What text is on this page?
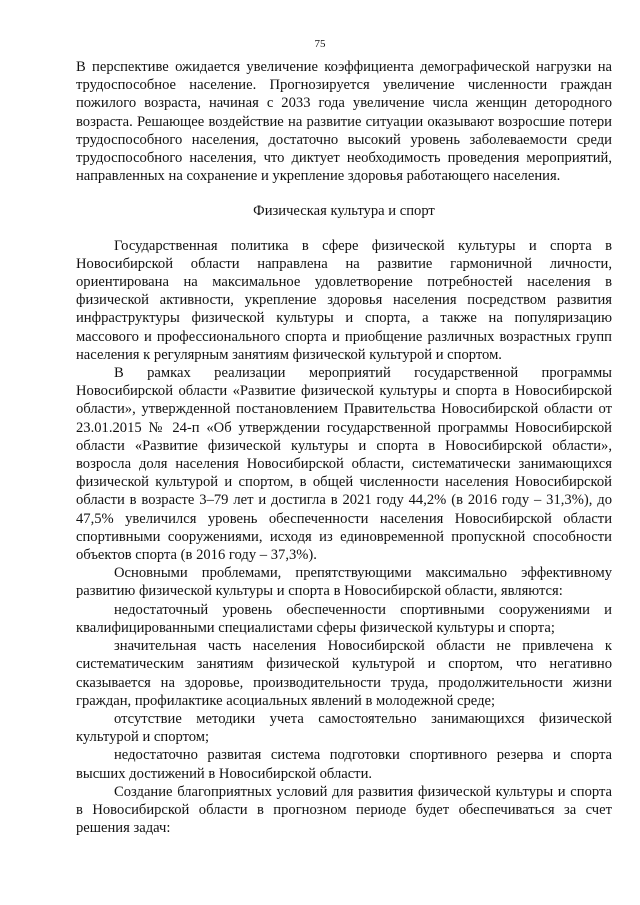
75

В перспективе ожидается увеличение коэффициента демографической нагрузки на трудоспособное население. Прогнозируется увеличение численности граждан пожилого возраста, начиная с 2033 года увеличение числа женщин детородного возраста. Решающее воздействие на развитие ситуации оказывают возросшие потери трудоспособного населения, достаточно высокий уровень заболеваемости среди трудоспособного населения, что диктует необходимость проведения мероприятий, направленных на сохранение и укрепление здоровья работающего населения.

Физическая культура и спорт

Государственная политика в сфере физической культуры и спорта в Новосибирской области направлена на развитие гармоничной личности, ориентирована на максимальное удовлетворение потребностей населения в физической активности, укрепление здоровья населения посредством развития инфраструктуры физической культуры и спорта, а также на популяризацию массового и профессионального спорта и приобщение различных возрастных групп населения к регулярным занятиям физической культурой и спортом.

В рамках реализации мероприятий государственной программы Новосибирской области «Развитие физической культуры и спорта в Новосибирской области», утвержденной постановлением Правительства Новосибирской области от 23.01.2015 № 24-п «Об утверждении государственной программы Новосибирской области «Развитие физической культуры и спорта в Новосибирской области», возросла доля населения Новосибирской области, систематически занимающихся физической культурой и спортом, в общей численности населения Новосибирской области в возрасте 3–79 лет и достигла в 2021 году 44,2% (в 2016 году – 31,3%), до 47,5% увеличился уровень обеспеченности населения Новосибирской области спортивными сооружениями, исходя из единовременной пропускной способности объектов спорта (в 2016 году – 37,3%).

Основными проблемами, препятствующими максимально эффективному развитию физической культуры и спорта в Новосибирской области, являются:

недостаточный уровень обеспеченности спортивными сооружениями и квалифицированными специалистами сферы физической культуры и спорта;

значительная часть населения Новосибирской области не привлечена к систематическим занятиям физической культурой и спортом, что негативно сказывается на здоровье, производительности труда, продолжительности жизни граждан, профилактике асоциальных явлений в молодежной среде;

отсутствие методики учета самостоятельно занимающихся физической культурой и спортом;

недостаточно развитая система подготовки спортивного резерва и спорта высших достижений в Новосибирской области.

Создание благоприятных условий для развития физической культуры и спорта в Новосибирской области в прогнозном периоде будет обеспечиваться за счет решения задач:
